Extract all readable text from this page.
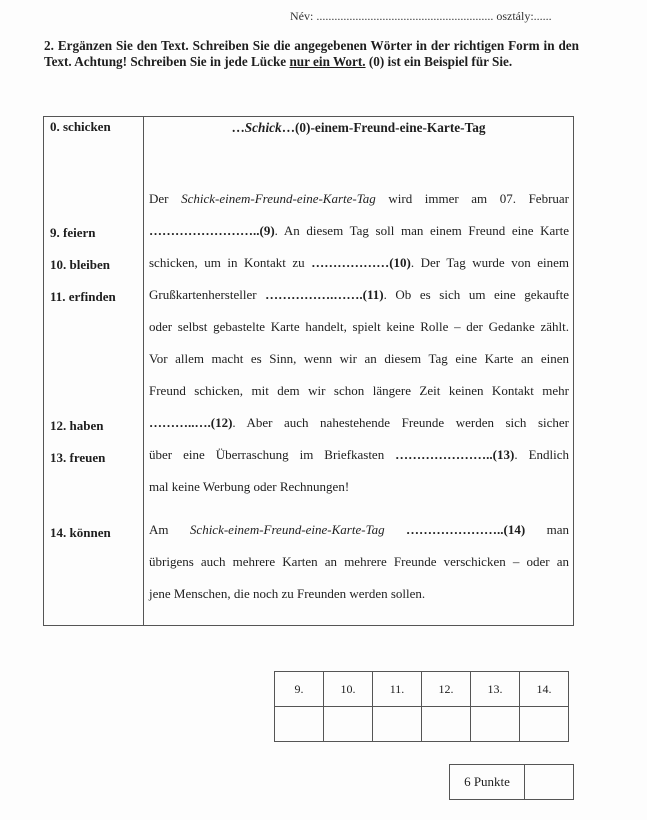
Név: ........................................................... osztály:......
2. Ergänzen Sie den Text. Schreiben Sie die angegebenen Wörter in der richtigen Form in den Text. Achtung! Schreiben Sie in jede Lücke nur ein Wort. (0) ist ein Beispiel für Sie.
0. schicken
9. feiern
10. bleiben
11. erfinden
12. haben
13. freuen
14. können
…Schick…(0)-einem-Freund-eine-Karte-Tag
Der Schick-einem-Freund-eine-Karte-Tag wird immer am 07. Februar
……………………..(9). An diesem Tag soll man einem Freund eine Karte
schicken, um in Kontakt zu ………………(10). Der Tag wurde von einem
Grußkartenhersteller …………….…….(11). Ob es sich um eine gekaufte
oder selbst gebastelte Karte handelt, spielt keine Rolle – der Gedanke zählt.
Vor allem macht es Sinn, wenn wir an diesem Tag eine Karte an einen
Freund schicken, mit dem wir schon längere Zeit keinen Kontakt mehr
………..….(12). Aber auch nahestehende Freunde werden sich sicher
über eine Überraschung im Briefkasten …………………..(13). Endlich
mal keine Werbung oder Rechnungen!
Am Schick-einem-Freund-eine-Karte-Tag …………………..(14) man
übrigens auch mehrere Karten an mehrere Freunde verschicken – oder an
jene Menschen, die noch zu Freunden werden sollen.
9.	10.	11.	12.	13.	14.

6 Punkte	
